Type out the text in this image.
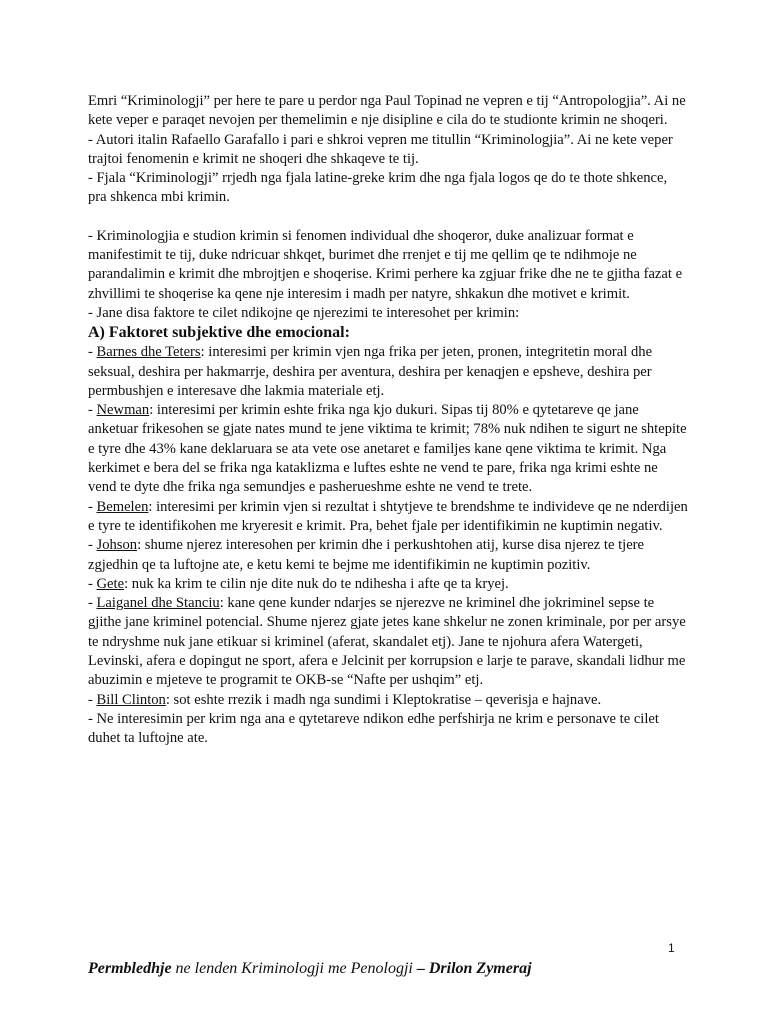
Emri “Kriminologji” per here te pare u perdor nga Paul Topinad ne vepren e tij “Antropologjia”. Ai ne kete veper e paraqet nevojen per themelimin e nje disipline e cila do te studionte krimin ne shoqeri.

- Autori italin Rafaello Garafallo i pari e shkroi vepren me titullin “Kriminologjia”. Ai ne kete veper trajtoi fenomenin e krimit ne shoqeri dhe shkaqeve te tij.

- Fjala “Kriminologji” rrjedh nga fjala latine-greke krim dhe nga fjala logos qe do te thote shkence, pra shkenca mbi krimin.

- Kriminologjia e studion krimin si fenomen individual dhe shoqeror, duke analizuar format e manifestimit te tij, duke ndricuar shkqet, burimet dhe rrenjet e tij me qellim qe te ndihmoje ne parandalimin e krimit dhe mbrojtjen e shoqerise. Krimi perhere ka zgjuar frike dhe ne te gjitha fazat e zhvillimi te shoqerise ka qene nje interesim i madh per natyre, shkakun dhe motivet e krimit.

- Jane disa faktore te cilet ndikojne qe njerezimi te interesohet per krimin:

A) Faktoret subjektive dhe emocional:

- Barnes dhe Teters: interesimi per krimin vjen nga frika per jeten, pronen, integritetin moral dhe seksual, deshira per hakmarrje, deshira per aventura, deshira per kenaqjen e epsheve, deshira per permbushjen e interesave dhe lakmia materiale etj.

- Newman: interesimi per krimin eshte frika nga kjo dukuri. Sipas tij 80% e qytetareve qe jane anketuar frikesohen se gjate nates mund te jene viktima te krimit; 78% nuk ndihen te sigurt ne shtepite e tyre dhe 43% kane deklaruara se ata vete ose anetaret e familjes kane qene viktima te krimit. Nga kerkimet e bera del se frika nga kataklizma e luftes eshte ne vend te pare, frika nga krimi eshte ne vend te dyte dhe frika nga semundjes e pasherueshme eshte ne vend te trete.

- Bemelen: interesimi per krimin vjen si rezultat i shtytjeve te brendshme te individeve qe ne nderdijen e tyre te identifikohen me kryeresit e krimit. Pra, behet fjale per identifikimin ne kuptimin negativ.

- Johson: shume njerez interesohen per krimin dhe i perkushtohen atij, kurse disa njerez te tjere zgjedhin qe ta luftojne ate, e ketu kemi te bejme me identifikimin ne kuptimin pozitiv.

- Gete: nuk ka krim te cilin nje dite nuk do te ndihesha i afte qe ta kryej.

- Laiganel dhe Stanciu: kane qene kunder ndarjes se njerezve ne kriminel dhe jokriminel sepse te gjithe jane kriminel potencial. Shume njerez gjate jetes kane shkelur ne zonen kriminale, por per arsye te ndryshme nuk jane etikuar si kriminel (aferat, skandalet etj). Jane te njohura afera Watergeti, Levinski, afera e dopingut ne sport, afera e Jelcinit per korrupsion e larje te parave, skandali lidhur me abuzimin e mjeteve te programit te OKB-se “Nafte per ushqim” etj.

- Bill Clinton: sot eshte rrezik i madh nga sundimi i Kleptokratise – qeverisja e hajnave.

- Ne interesimin per krim nga ana e qytetareve ndikon edhe perfshirja ne krim e personave te cilet duhet ta luftojne ate.

1
Permbledhje ne lenden Kriminologji me Penologji – Drilon Zymeraj
